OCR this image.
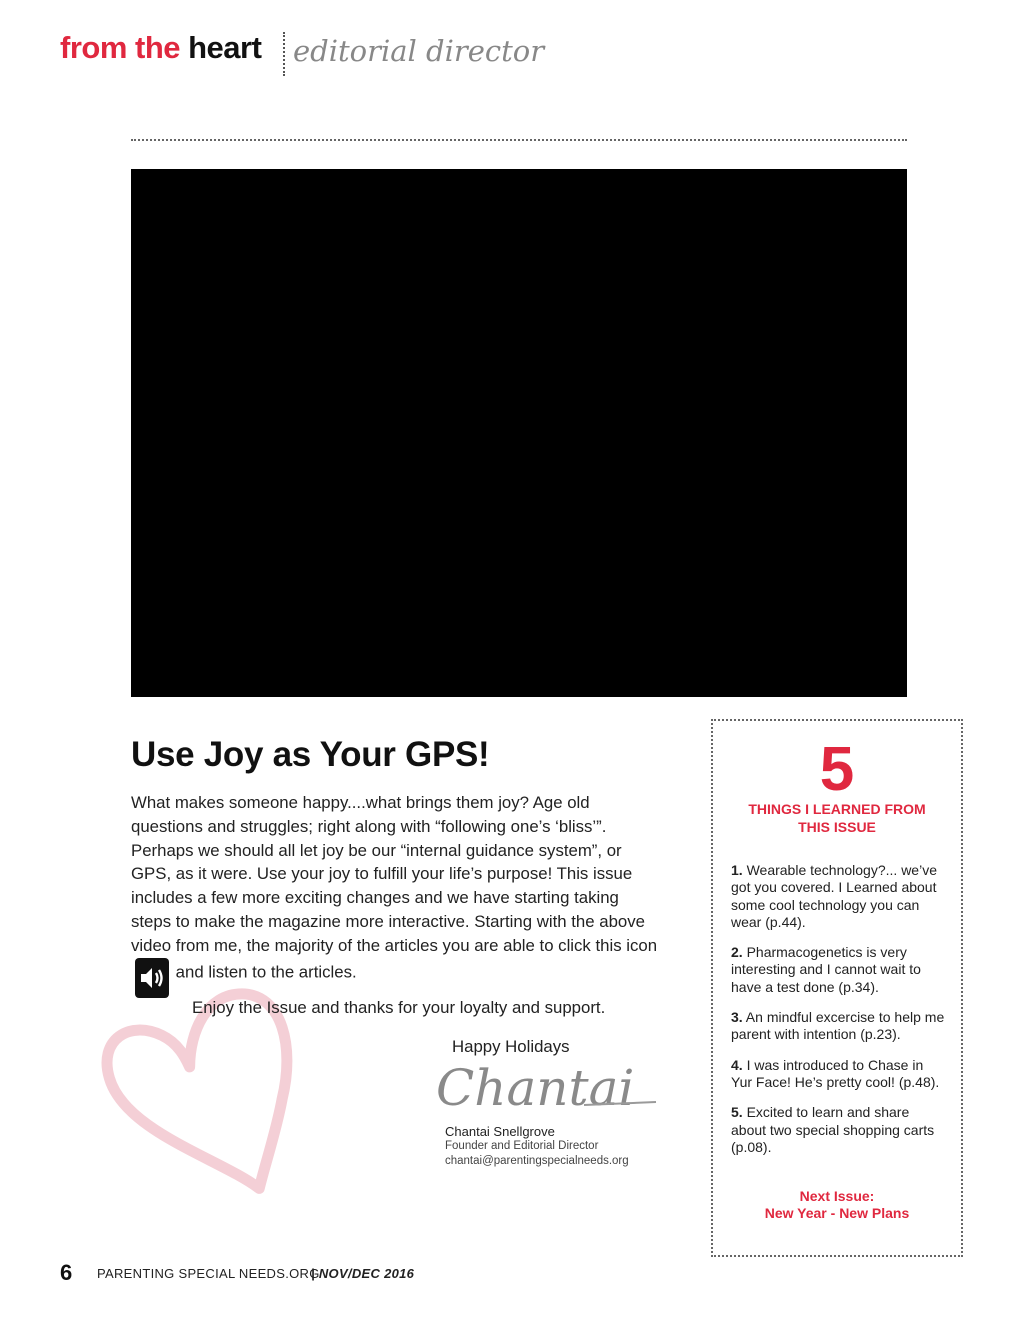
from the heart editorial director
Use Joy as Your GPS!
What makes someone happy....what brings them joy? Age old questions and struggles; right along with “following one’s ‘bliss’”. Perhaps we should all let joy be our “internal guidance system”, or GPS, as it were. Use your joy to fulfill your life’s purpose! This issue includes a few more exciting changes and we have starting taking steps to make the magazine more interactive. Starting with the above video from me, the majority of the articles you are able to click this icon  and listen to the articles.
Enjoy the Issue and thanks for your loyalty and support.
Happy Holidays
Chantai
Chantai Snellgrove
Founder and Editorial Director
chantai@parentingspecialneeds.org
5
THINGS I LEARNED FROM THIS ISSUE
1. Wearable technology?... we’ve got you covered. I Learned about some cool technology you can wear (p.44).
2. Pharmacogenetics is very interesting and I cannot wait to have a test done (p.34).
3. An mindful excercise to help me parent with intention (p.23).
4. I was introduced to Chase in Yur Face! He’s pretty cool! (p.48).
5. Excited to learn and share about two special shopping carts (p.08).
Next Issue:
New Year - New Plans
6 PARENTING SPECIAL NEEDS.ORG
| NOV/DEC 2016
